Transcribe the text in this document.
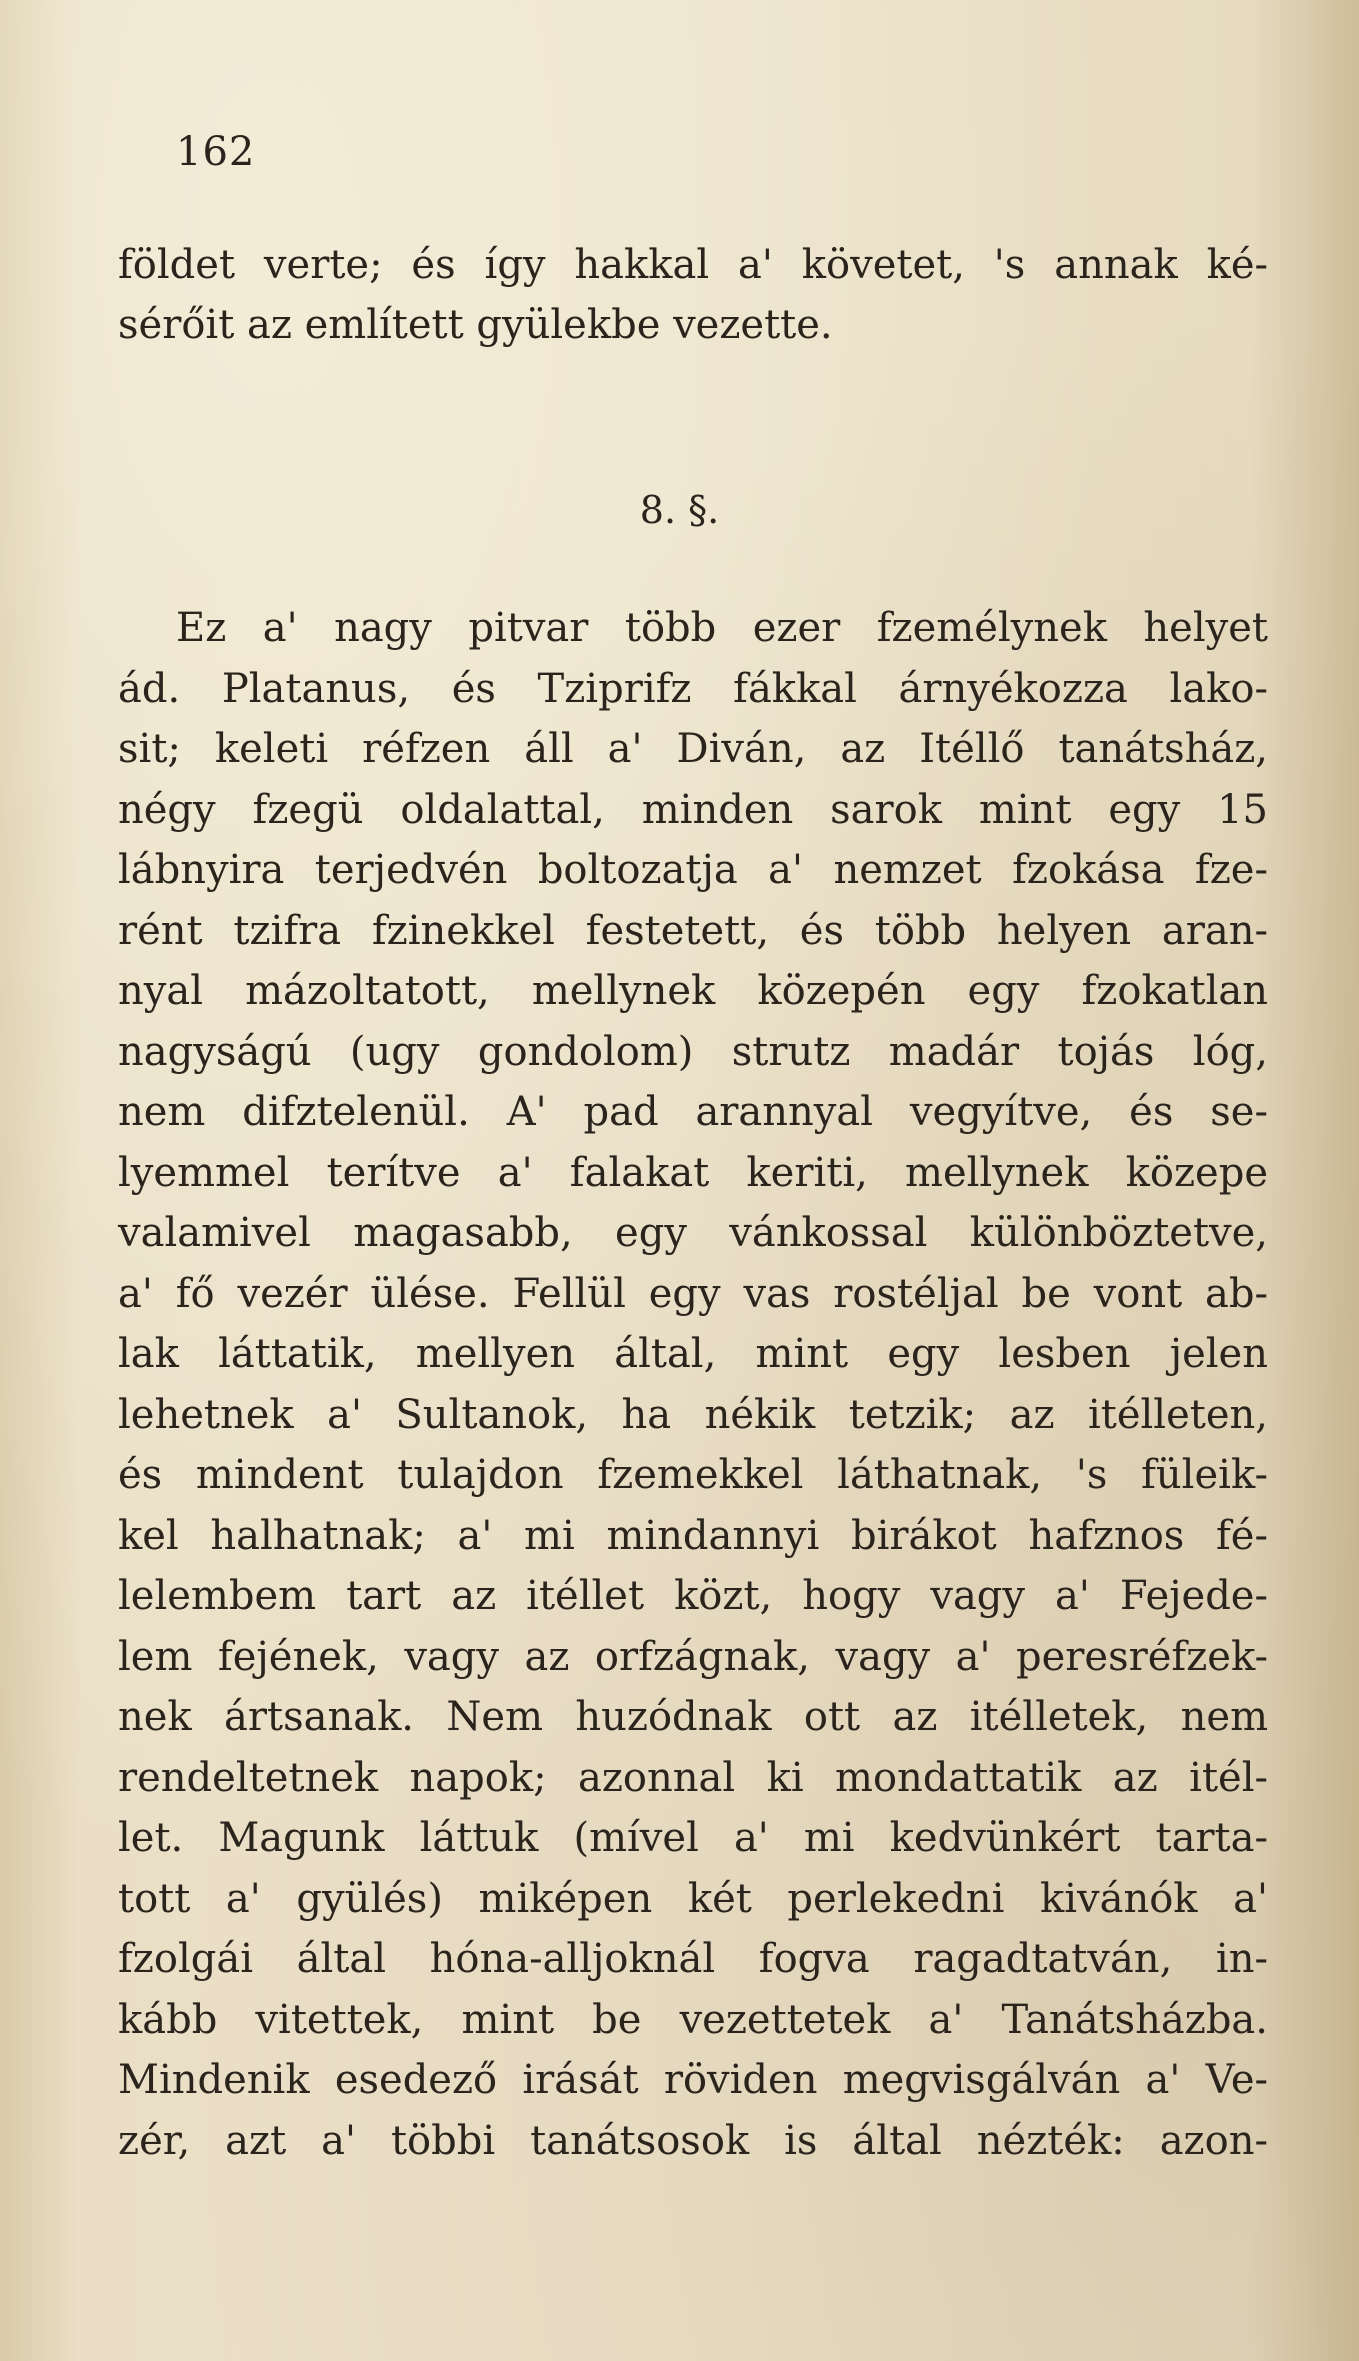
162
földet verte; és így hakkal a' követet, 's annak ké-
sérőit az említett gyülekbe vezette.
8. §.
Ez a' nagy pitvar több ezer fzemélynek helyet
ád. Platanus, és Tziprifz fákkal árnyékozza lako-
sit; keleti réfzen áll a' Diván, az Itéllő tanátsház,
négy fzegü oldalattal, minden sarok mint egy 15
lábnyira terjedvén boltozatja a' nemzet fzokása fze-
rént tzifra fzinekkel festetett, és több helyen aran-
nyal mázoltatott, mellynek közepén egy fzokatlan
nagyságú (ugy gondolom) strutz madár tojás lóg,
nem difztelenül. A' pad arannyal vegyítve, és se-
lyemmel terítve a' falakat keriti, mellynek közepe
valamivel magasabb, egy vánkossal különböztetve,
a' fő vezér ülése. Fellül egy vas rostéljal be vont ab-
lak láttatik, mellyen által, mint egy lesben jelen
lehetnek a' Sultanok, ha nékik tetzik; az itélleten,
és mindent tulajdon fzemekkel láthatnak, 's füleik-
kel halhatnak; a' mi mindannyi birákot hafznos fé-
lelembem tart az itéllet közt, hogy vagy a' Fejede-
lem fejének, vagy az orfzágnak, vagy a' peresréfzek-
nek ártsanak. Nem huzódnak ott az itélletek, nem
rendeltetnek napok; azonnal ki mondattatik az itél-
let. Magunk láttuk (mível a' mi kedvünkért tarta-
tott a' gyülés) miképen két perlekedni kivánók a'
fzolgái által hóna-alljoknál fogva ragadtatván, in-
kább vitettek, mint be vezettetek a' Tanátsházba.
Mindenik esedező irását röviden megvisgálván a' Ve-
zér, azt a' többi tanátsosok is által nézték: azon-
